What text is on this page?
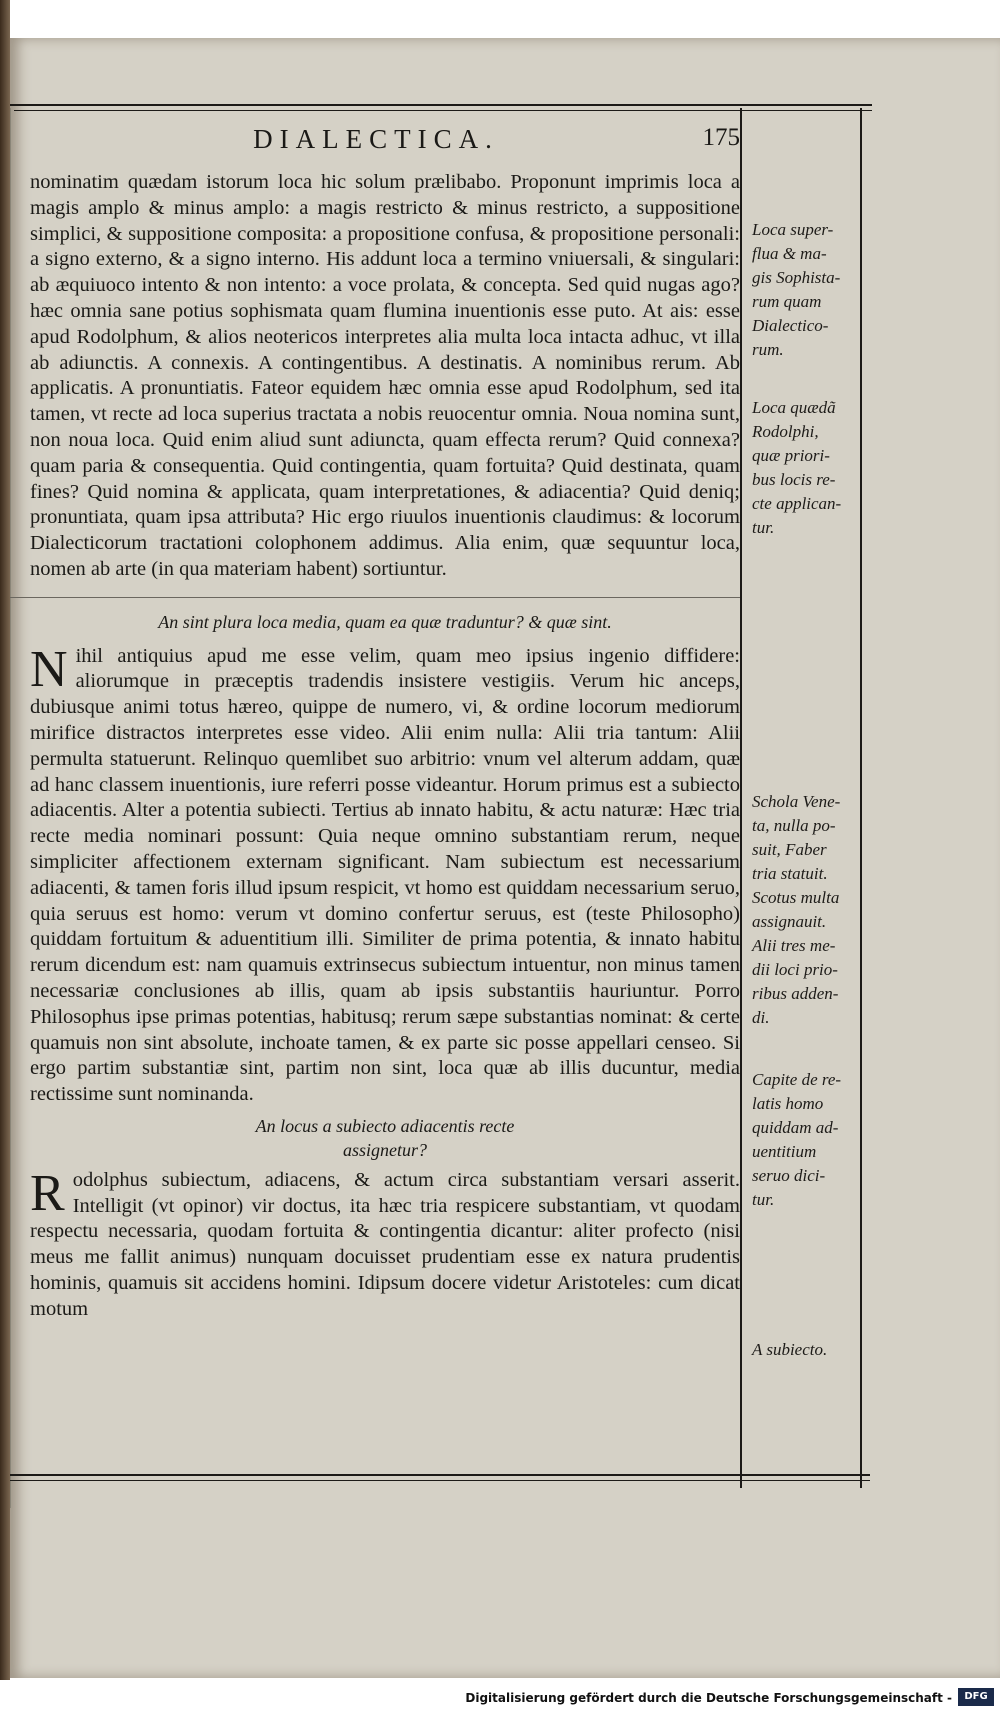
DIALECTICA.	175

nominatim quædam istorum loca hic solum prælibabo. Proponunt imprimis loca a magis amplo & minus amplo: a magis restricto & minus restricto, a suppositione simplici, & suppositione composita: a propositione confusa, & propositione personali: a signo externo, & a signo interno. His addunt loca a termino vniuersali, & singulari: ab æquiuoco intento & non intento: a voce prolata, & concepta. Sed quid nugas ago? hæc omnia sane potius sophismata quam flumina inuentionis esse puto. At ais: esse apud Rodolphum, & alios neotericos interpretes alia multa loca intacta adhuc, vt illa ab adiunctis. A connexis. A contingentibus. A destinatis. A nominibus rerum. Ab applicatis. A pronuntiatis. Fateor equidem hæc omnia esse apud Rodolphum, sed ita tamen, vt recte ad loca superius tractata a nobis reuocentur omnia. Noua nomina sunt, non noua loca. Quid enim aliud sunt adiuncta, quam effecta rerum? Quid connexa? quam paria & consequentia. Quid contingentia, quam fortuita? Quid destinata, quam fines? Quid nomina & applicata, quam interpretationes, & adiacentia? Quid deniq; pronuntiata, quam ipsa attributa? Hic ergo riuulos inuentionis claudimus: & locorum Dialecticorum tractationi colophonem addimus. Alia enim, quæ sequuntur loca, nomen ab arte (in qua materiam habent) sortiuntur.

An sint plura loca media, quam ea quæ traduntur? & quæ sint.

Nihil antiquius apud me esse velim, quam meo ipsius ingenio diffidere: aliorumque in præceptis tradendis insistere vestigiis. Verum hic anceps, dubiusque animi totus hæreo, quippe de numero, vi, & ordine locorum mediorum mirifice distractos interpretes esse video. Alii enim nulla: Alii tria tantum: Alii permulta statuerunt. Relinquo quemlibet suo arbitrio: vnum vel alterum addam, quæ ad hanc classem inuentionis, iure referri posse videantur. Horum primus est a subiecto adiacentis. Alter a potentia subiecti. Tertius ab innato habitu, & actu naturæ: Hæc tria recte media nominari possunt: Quia neque omnino substantiam rerum, neque simpliciter affectionem externam significant. Nam subiectum est necessarium adiacenti, & tamen foris illud ipsum respicit, vt homo est quiddam necessarium seruo, quia seruus est homo: verum vt domino confertur seruus, est (teste Philosopho) quiddam fortuitum & aduentitium illi. Similiter de prima potentia, & innato habitu rerum dicendum est: nam quamuis extrinsecus subiectum intuentur, non minus tamen necessariæ conclusiones ab illis, quam ab ipsis substantiis hauriuntur. Porro Philosophus ipse primas potentias, habitusq; rerum sæpe substantias nominat: & certe quamuis non sint absolute, inchoate tamen, & ex parte sic posse appellari censeo. Si ergo partim substantiæ sint, partim non sint, loca quæ ab illis ducuntur, media rectissime sunt nominanda.

An locus a subiecto adiacentis recte
assignetur?

Rodolphus subiectum, adiacens, & actum circa substantiam versari asserit. Intelligit (vt opinor) vir doctus, ita hæc tria respicere substantiam, vt quodam respectu necessaria, quodam fortuita & contingentia dicantur: aliter profecto (nisi meus me fallit animus) nunquam docuisset prudentiam esse ex natura prudentis hominis, quamuis sit accidens homini. Idipsum docere videtur Aristoteles: cum dicat motum

Loca super-
flua & ma-
gis Sophista-
rum quam
Dialectico-
rum.
Loca quædã
Rodolphi,
quæ priori-
bus locis re-
cte applican-
tur.
Schola Vene-
ta, nulla po-
suit, Faber
tria statuit.
Scotus multa
assignauit.
Alii tres me-
dii loci prio-
ribus adden-
di.
Capite de re-
latis homo
quiddam ad-
uentitium
seruo dici-
tur.
A subiecto.
Digitalisierung gefördert durch die Deutsche Forschungsgemeinschaft -	DFG
